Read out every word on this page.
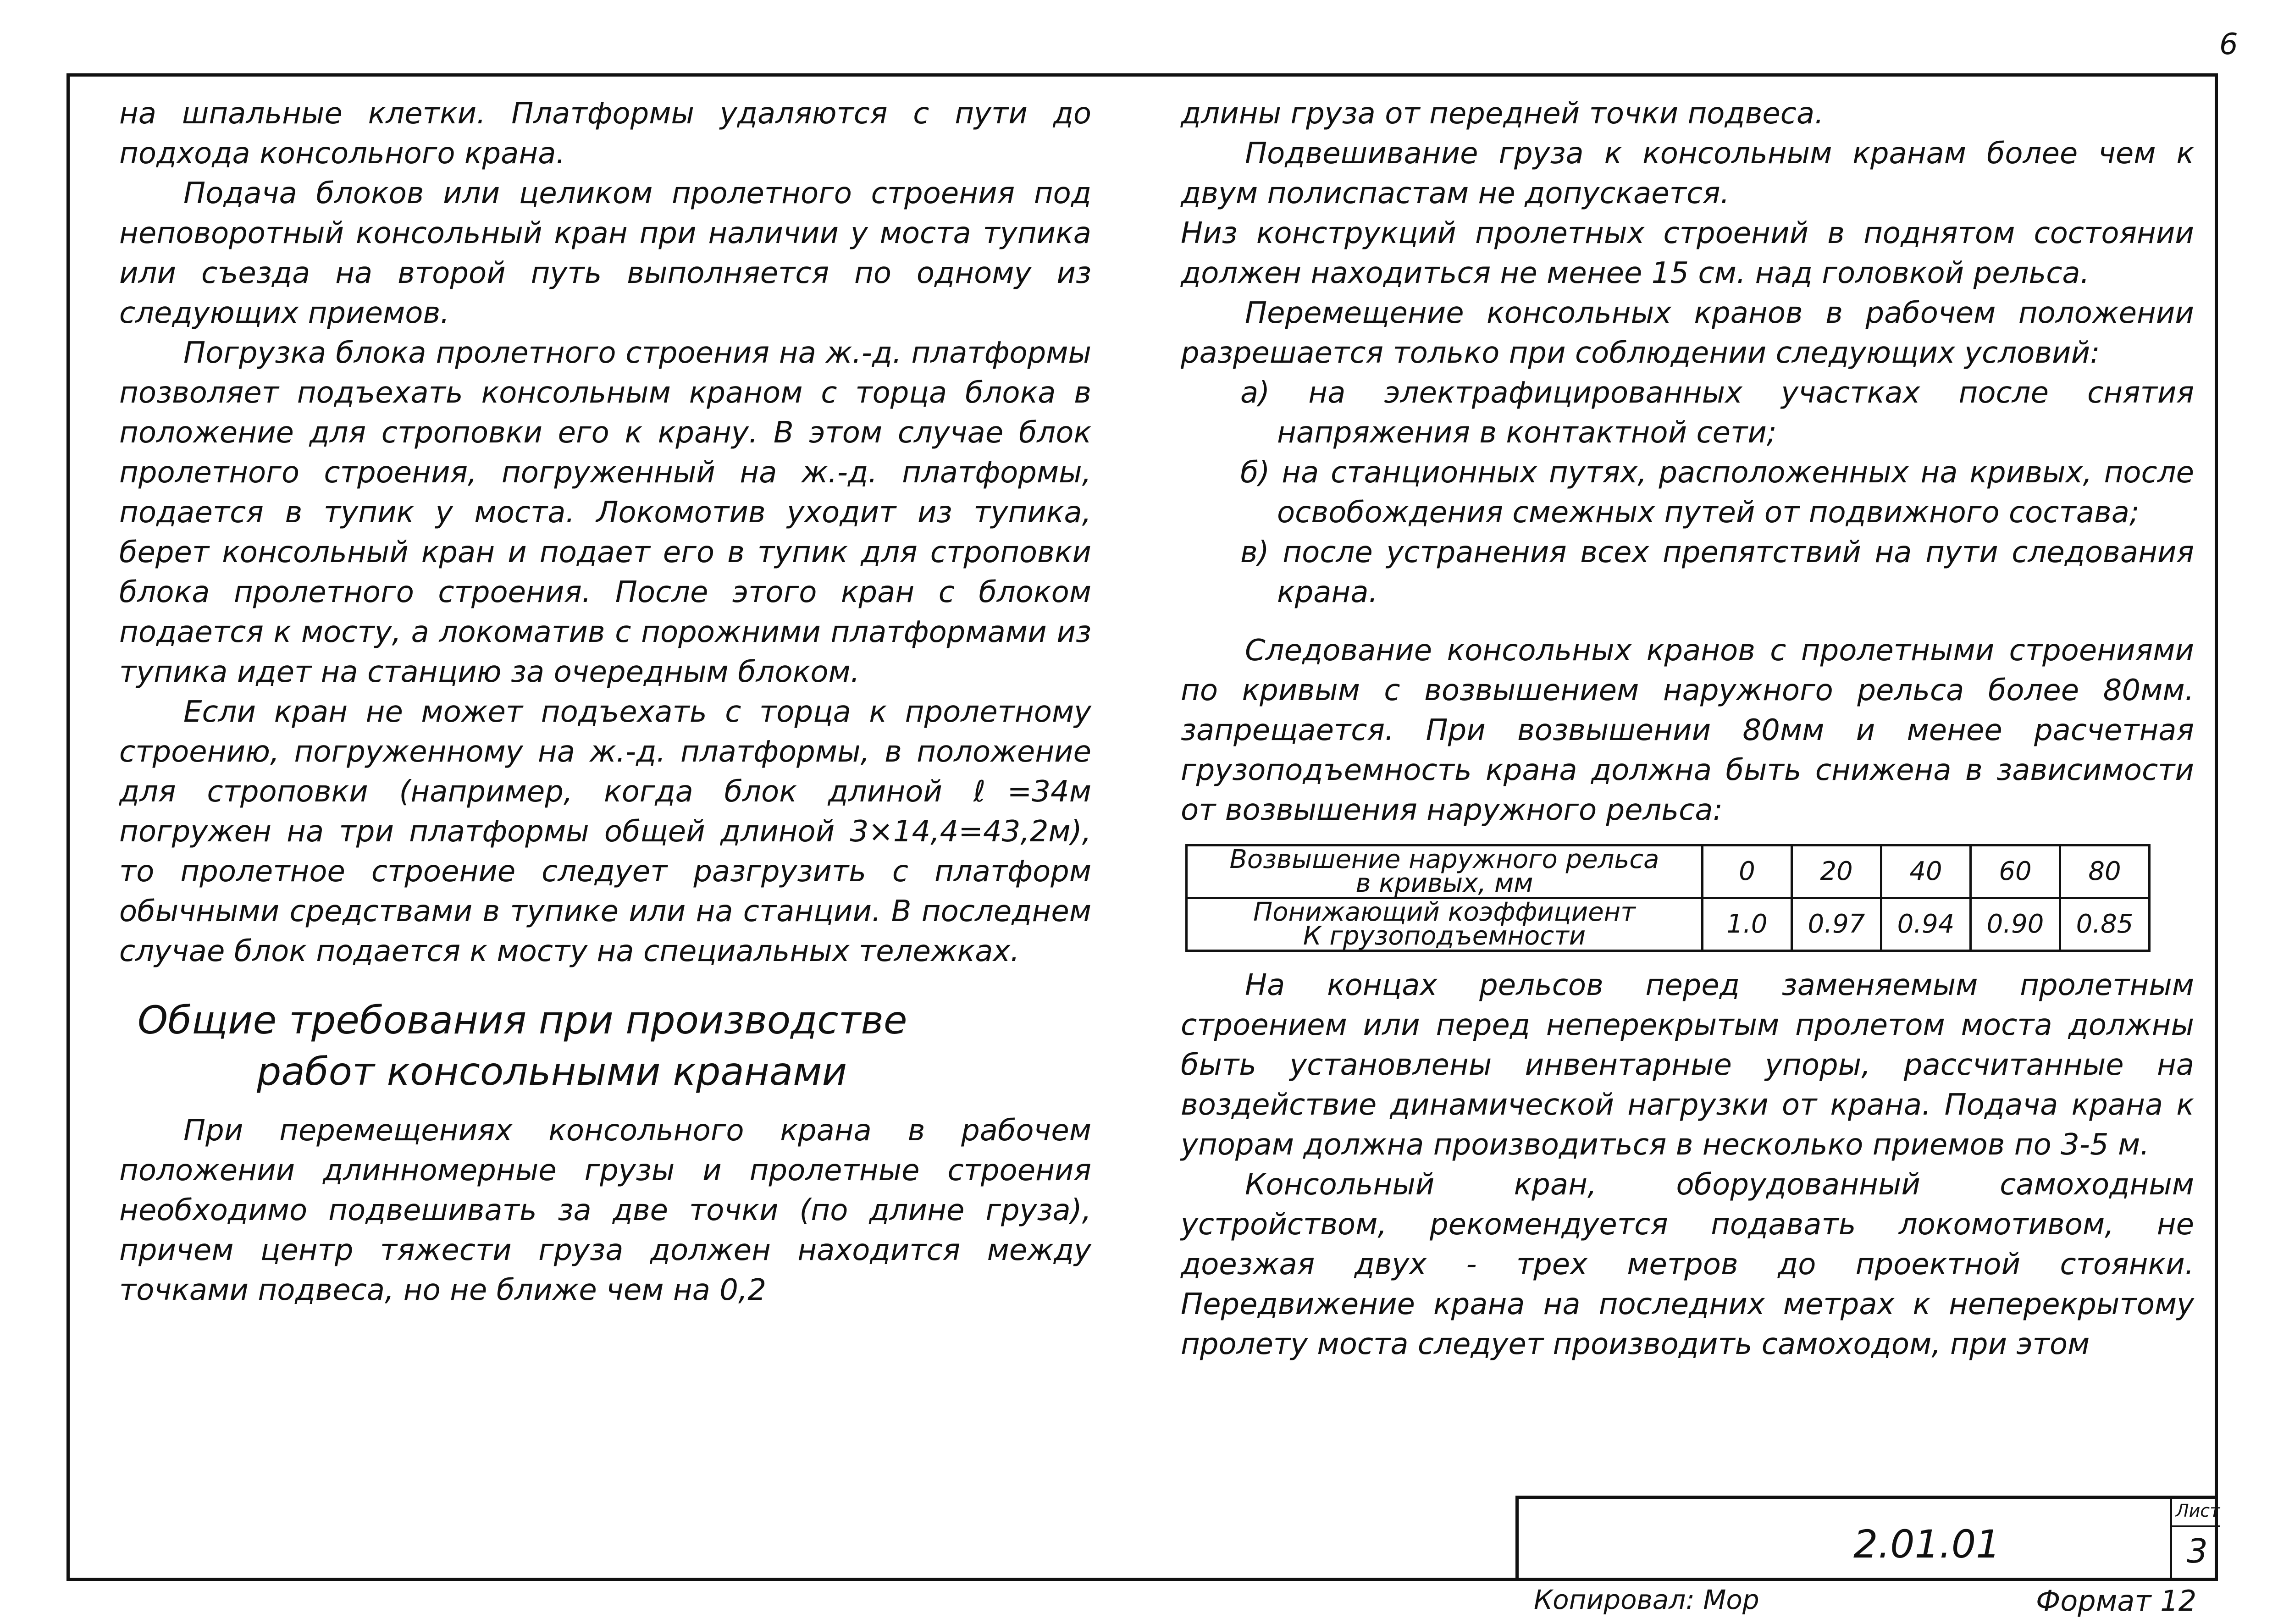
6

на шпальные клетки. Платформы удаляются с пути до подхода консольного крана.

Подача блоков или целиком пролетного строения под неповоротный консольный кран при наличии у моста тупика или съезда на второй путь выполняется по одному из следующих приемов.

Погрузка блока пролетного строения на ж.-д. платформы позволяет подъехать консольным краном с торца блока в положение для строповки его к крану. В этом случае блок пролетного строения, погруженный на ж.-д. платформы, подается в тупик у моста. Локомотив уходит из тупика, берет консольный кран и подает его в тупик для строповки блока пролетного строения. После этого кран с блоком подается к мосту, а локоматив с порожними платформами из тупика идет на станцию за очередным блоком.

Если кран не может подъехать с торца к пролетному строению, погруженному на ж.-д. платформы, в положение для строповки (например, когда блок длиной ℓ=34м погружен на три платформы общей длиной 3×14,4=43,2м), то пролетное строение следует разгрузить с платформ обычными средствами в тупике или на станции. В последнем случае блок подается к мосту на специальных тележках.

Общие требования при производстве
работ консольными кранами

При перемещениях консольного крана в рабочем положении длинномерные грузы и пролетные строения необходимо подвешивать за две точки (по длине груза), причем центр тяжести груза должен находится между точками подвеса, но не ближе чем на 0,2

длины груза от передней точки подвеса.

Подвешивание груза к консольным кранам более чем к двум полиспастам не допускается.

Низ конструкций пролетных строений в поднятом состоянии должен находиться не менее 15 см. над головкой рельса.

Перемещение консольных кранов в рабочем положении разрешается только при соблюдении следующих условий:

а) на электрафицированных участках после снятия напряжения в контактной сети;
б) на станционных путях, расположенных на кривых, после освобождения смежных путей от подвижного состава;
в) после устранения всех препятствий на пути следования крана.

Следование консольных кранов с пролетными строениями по кривым с возвышением наружного рельса более 80мм. запрещается. При возвышении 80мм и менее расчетная грузоподъемность крана должна быть снижена в зависимости от возвышения наружного рельса:

Возвышение наружного рельса
в кривых, мм	0	20	40	60	80
Понижающий коэффициент
К грузоподъемности	1.0	0.97	0.94	0.90	0.85

На концах рельсов перед заменяемым пролетным строением или перед неперекрытым пролетом моста должны быть установлены инвентарные упоры, рассчитанные на воздействие динамической нагрузки от крана. Подача крана к упорам должна производиться в несколько приемов по 3-5 м.

Консольный кран, оборудованный самоходным устройством, рекомендуется подавать локомотивом, не доезжая двух - трех метров до проектной стоянки. Передвижение крана на последних метрах к неперекрытому пролету моста следует производить самоходом, при этом

2.01.01
Лист
3
Копировал: Мор	Формат 12
